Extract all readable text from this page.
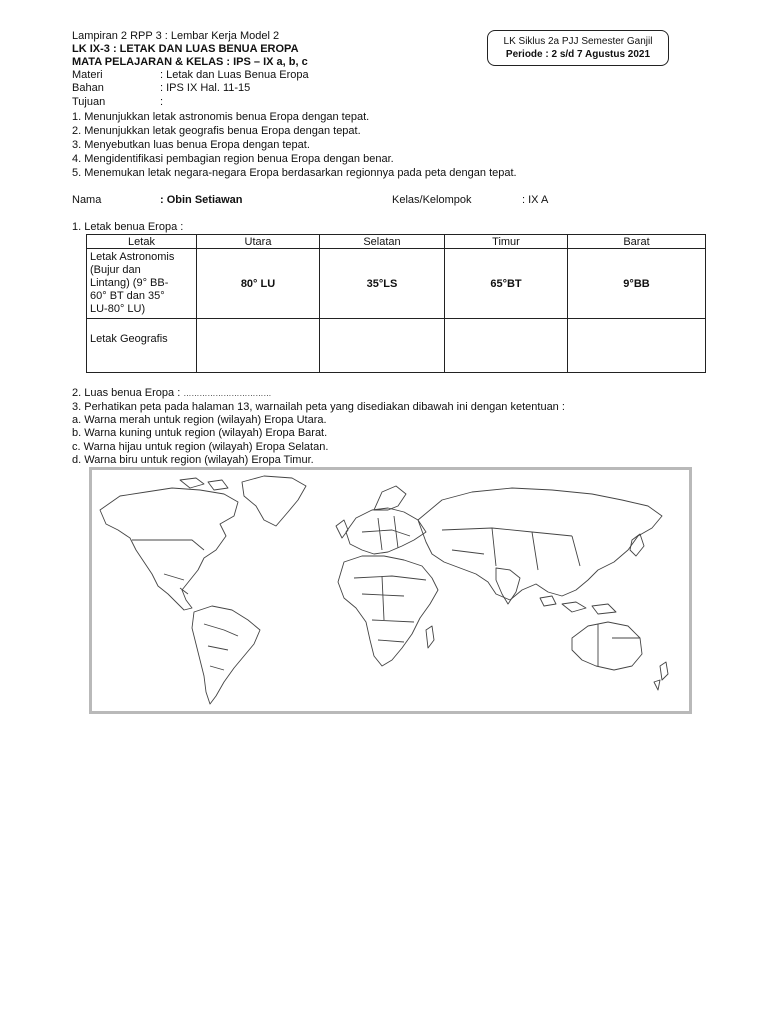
Lampiran 2 RPP 3 : Lembar Kerja Model 2
LK IX-3 : LETAK DAN LUAS BENUA EROPA
MATA PELAJARAN & KELAS : IPS – IX a, b, c
LK Siklus 2a PJJ Semester Ganjil
Periode : 2 s/d 7 Agustus 2021
Materi	: Letak dan Luas Benua Eropa
Bahan	: IPS IX Hal. 11-15
Tujuan	:
1. Menunjukkan letak astronomis benua Eropa dengan tepat.
2. Menunjukkan letak geografis benua Eropa dengan tepat.
3. Menyebutkan luas benua Eropa dengan tepat.
4. Mengidentifikasi pembagian region benua Eropa dengan benar.
5. Menemukan letak negara-negara Eropa berdasarkan regionnya pada peta dengan tepat.
Nama	: Obin Setiawan	Kelas/Kelompok	: IX A
1. Letak benua Eropa :
Letak	Utara	Selatan	Timur	Barat

Letak Astronomis
(Bujur dan
Lintang) (9° BB-
60° BT dan 35°
LU-80° LU)	80° LU	35°LS	65°BT	9°BB
Letak Geografis				
2. Luas benua Eropa : ……………………………
3. Perhatikan peta pada halaman 13, warnailah peta yang disediakan dibawah ini dengan ketentuan :
a. Warna merah untuk region (wilayah) Eropa Utara.
b. Warna kuning untuk region (wilayah) Eropa Barat.
c. Warna hijau untuk region (wilayah) Eropa Selatan.
d. Warna biru untuk region (wilayah) Eropa Timur.
